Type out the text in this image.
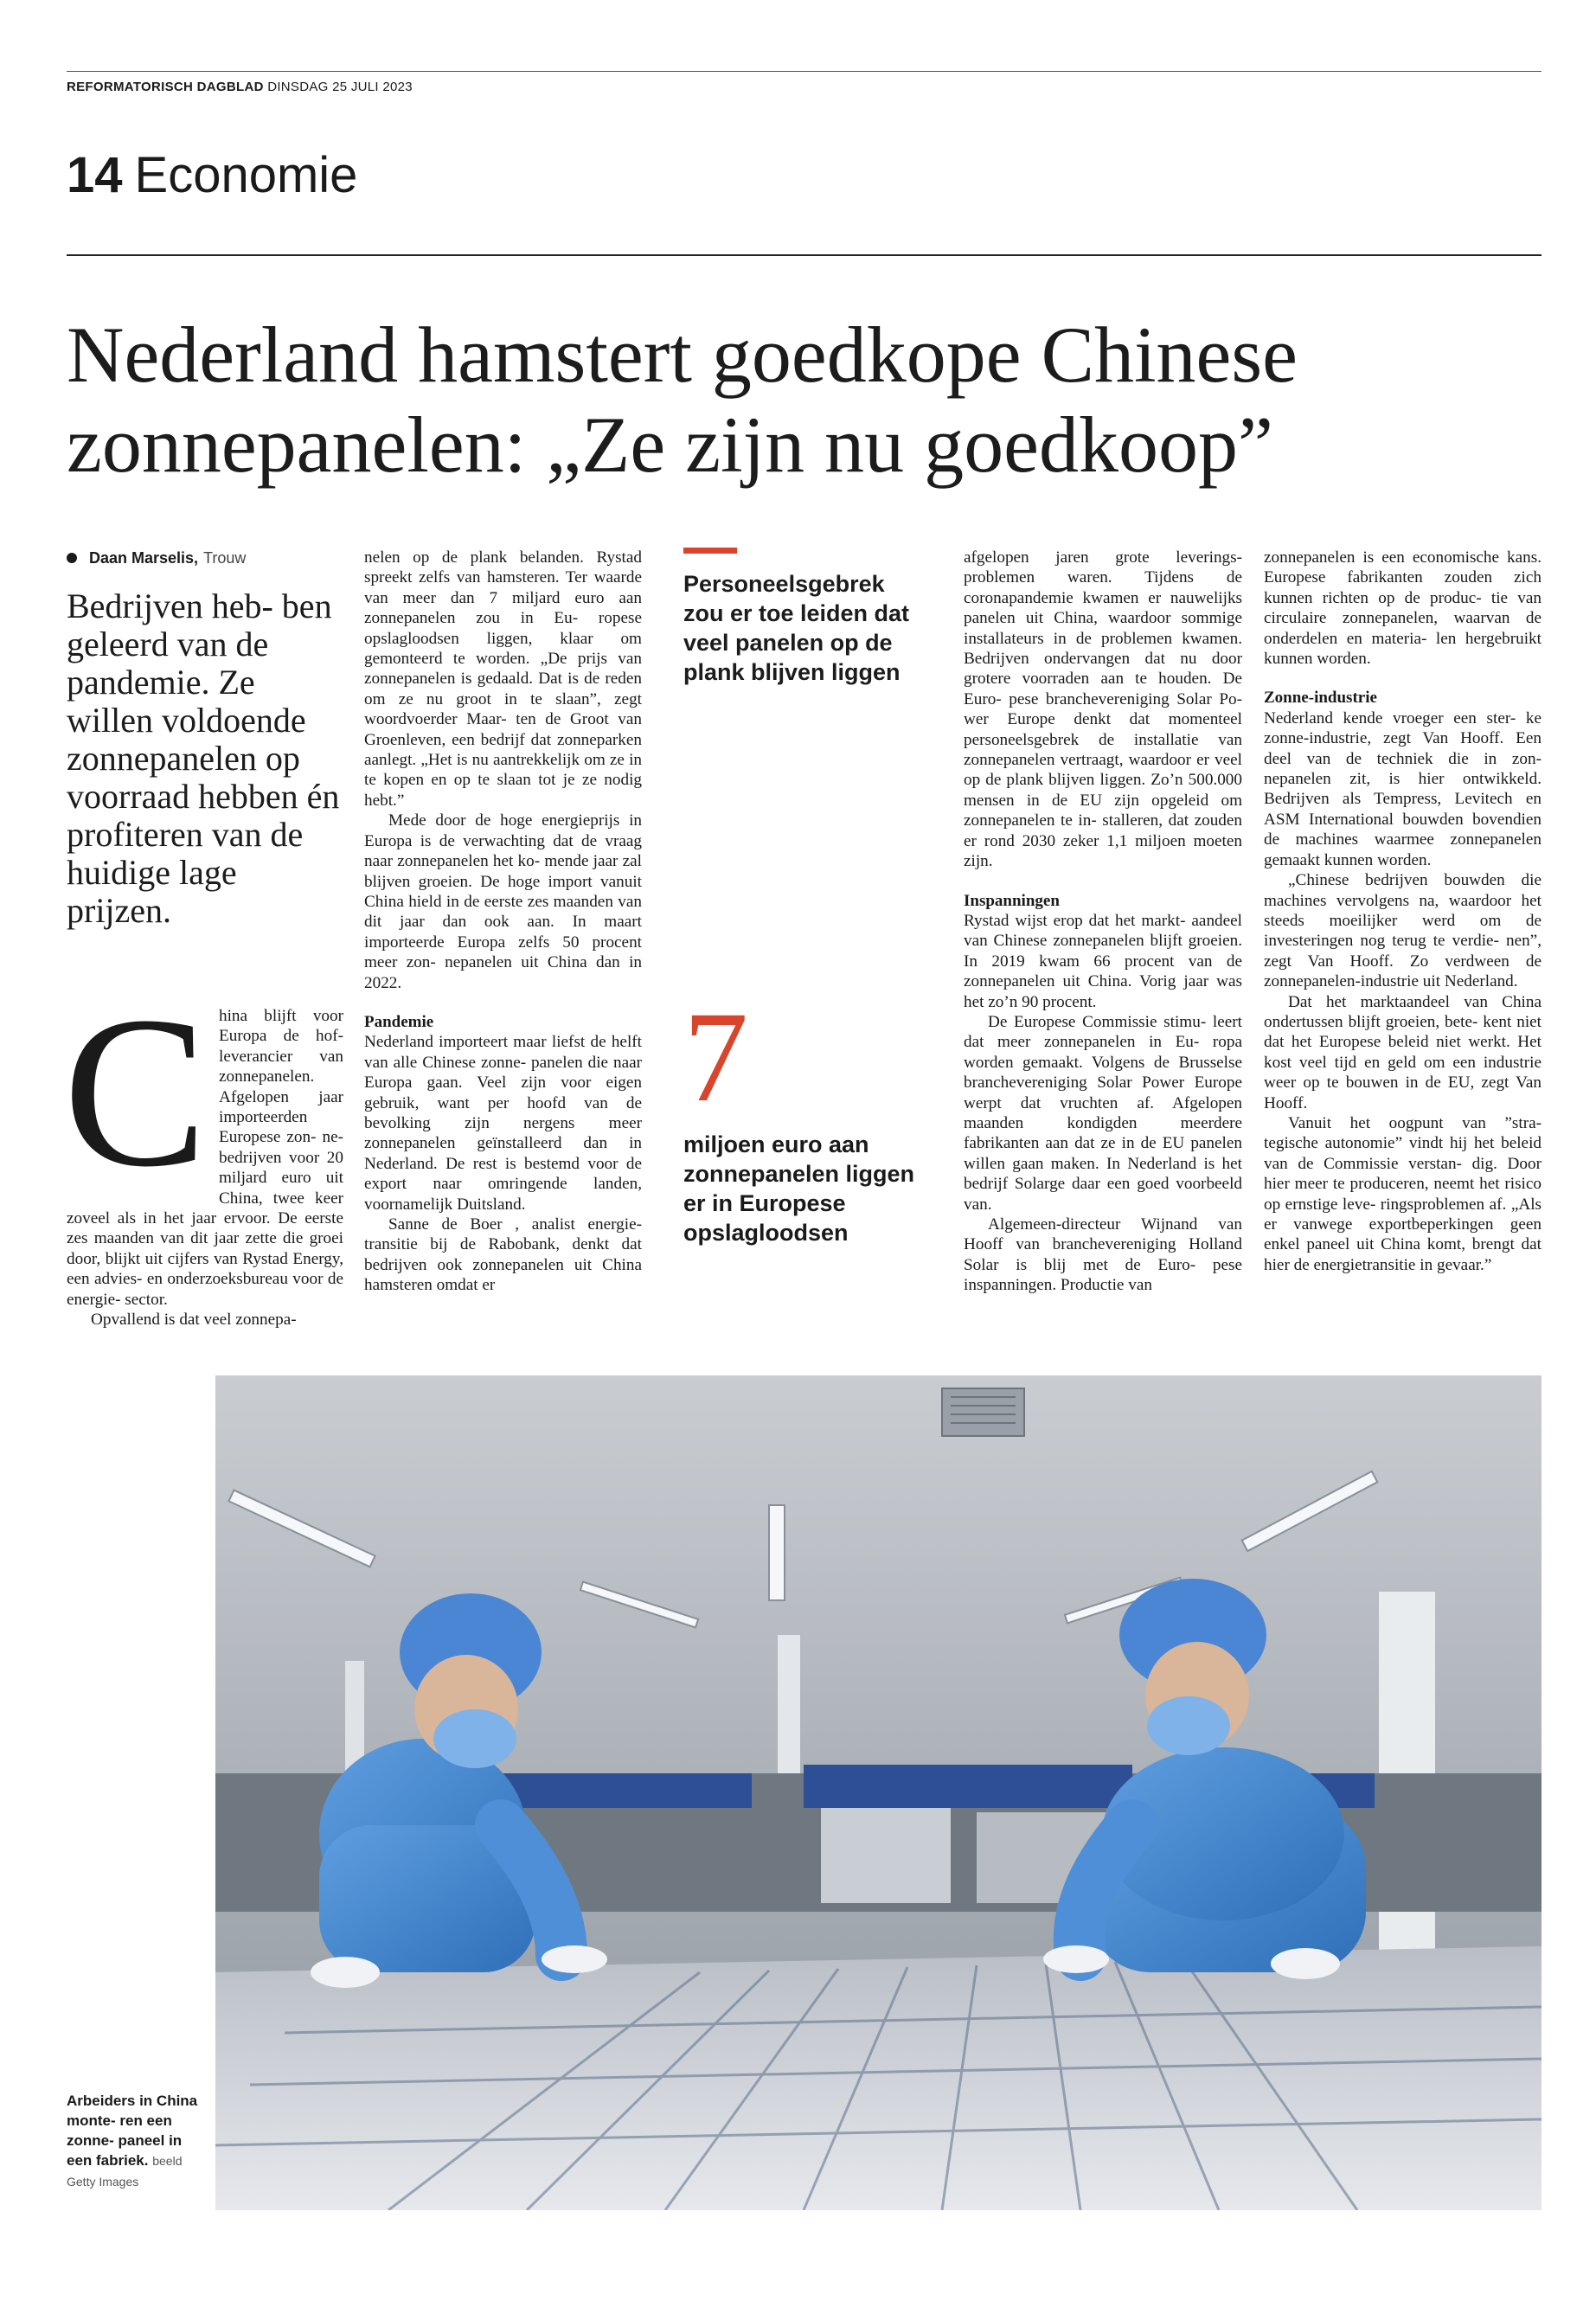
REFORMATORISCH DAGBLAD DINSDAG 25 JULI 2023
14 Economie
Nederland hamstert goedkope Chinese
zonnepanelen: „Ze zijn nu goedkoop”
Daan Marselis, Trouw
Bedrijven heb- ben geleerd van de pandemie. Ze willen voldoende zonnepanelen op voorraad hebben én profiteren van de huidige lage prijzen.
C hina blijft voor Europa de hof- leverancier van zonnepanelen. Afgelopen jaar importeerden Europese zon- ne-bedrijven voor 20 miljard euro uit China, twee keer zoveel als in het jaar ervoor. De eerste zes maanden van dit jaar zette die groei door, blijkt uit cijfers van Rystad Energy, een advies- en onderzoeksbureau voor de energie- sector.

Opvallend is dat veel zonnepa-

nelen op de plank belanden. Rystad spreekt zelfs van hamsteren. Ter waarde van meer dan 7 miljard euro aan zonnepanelen zou in Eu- ropese opslagloodsen liggen, klaar om gemonteerd te worden. „De prijs van zonnepanelen is gedaald. Dat is de reden om ze nu groot in te slaan”, zegt woordvoerder Maar- ten de Groot van Groenleven, een bedrijf dat zonneparken aanlegt. „Het is nu aantrekkelijk om ze in te kopen en op te slaan tot je ze nodig hebt.”

Mede door de hoge energieprijs in Europa is de verwachting dat de vraag naar zonnepanelen het ko- mende jaar zal blijven groeien. De hoge import vanuit China hield in de eerste zes maanden van dit jaar dan ook aan. In maart importeerde Europa zelfs 50 procent meer zon- nepanelen uit China dan in 2022.

Pandemie

Nederland importeert maar liefst de helft van alle Chinese zonne- panelen die naar Europa gaan. Veel zijn voor eigen gebruik, want per hoofd van de bevolking zijn nergens meer zonnepanelen geïnstalleerd dan in Nederland. De rest is bestemd voor de export naar omringende landen, voornamelijk Duitsland.

Sanne de Boer , analist energie- transitie bij de Rabobank, denkt dat bedrijven ook zonnepanelen uit China hamsteren omdat er

Personeelsgebrek zou er toe leiden dat veel panelen op de plank blijven liggen
7
miljoen euro aan zonnepanelen liggen er in Europese opslagloodsen

afgelopen jaren grote leverings- problemen waren. Tijdens de coronapandemie kwamen er nauwelijks panelen uit China, waardoor sommige installateurs in de problemen kwamen. Bedrijven ondervangen dat nu door grotere voorraden aan te houden. De Euro- pese branchevereniging Solar Po- wer Europe denkt dat momenteel personeelsgebrek de installatie van zonnepanelen vertraagt, waardoor er veel op de plank blijven liggen. Zo’n 500.000 mensen in de EU zijn opgeleid om zonnepanelen te in- stalleren, dat zouden er rond 2030 zeker 1,1 miljoen moeten zijn.

Inspanningen

Rystad wijst erop dat het markt- aandeel van Chinese zonnepanelen blijft groeien. In 2019 kwam 66 procent van de zonnepanelen uit China. Vorig jaar was het zo’n 90 procent.

De Europese Commissie stimu- leert dat meer zonnepanelen in Eu- ropa worden gemaakt. Volgens de Brusselse branchevereniging Solar Power Europe werpt dat vruchten af. Afgelopen maanden kondigden meerdere fabrikanten aan dat ze in de EU panelen willen gaan maken. In Nederland is het bedrijf Solarge daar een goed voorbeeld van.

Algemeen-directeur Wijnand van Hooff van branchevereniging Holland Solar is blij met de Euro- pese inspanningen. Productie van

zonnepanelen is een economische kans. Europese fabrikanten zouden zich kunnen richten op de produc- tie van circulaire zonnepanelen, waarvan de onderdelen en materia- len hergebruikt kunnen worden.

Zonne-industrie

Nederland kende vroeger een ster- ke zonne-industrie, zegt Van Hooff. Een deel van de techniek die in zon- nepanelen zit, is hier ontwikkeld. Bedrijven als Tempress, Levitech en ASM International bouwden bovendien de machines waarmee zonnepanelen gemaakt kunnen worden.

„Chinese bedrijven bouwden die machines vervolgens na, waardoor het steeds moeilijker werd om de investeringen nog terug te verdie- nen”, zegt Van Hooff. Zo verdween de zonnepanelen-industrie uit Nederland.

Dat het marktaandeel van China ondertussen blijft groeien, bete- kent niet dat het Europese beleid niet werkt. Het kost veel tijd en geld om een industrie weer op te bouwen in de EU, zegt Van Hooff.

Vanuit het oogpunt van ”stra- tegische autonomie” vindt hij het beleid van de Commissie verstan- dig. Door hier meer te produceren, neemt het risico op ernstige leve- ringsproblemen af. „Als er vanwege exportbeperkingen geen enkel paneel uit China komt, brengt dat hier de energietransitie in gevaar.”

Arbeiders in China monte- ren een zonne- paneel in een fabriek. beeld
Getty Images
